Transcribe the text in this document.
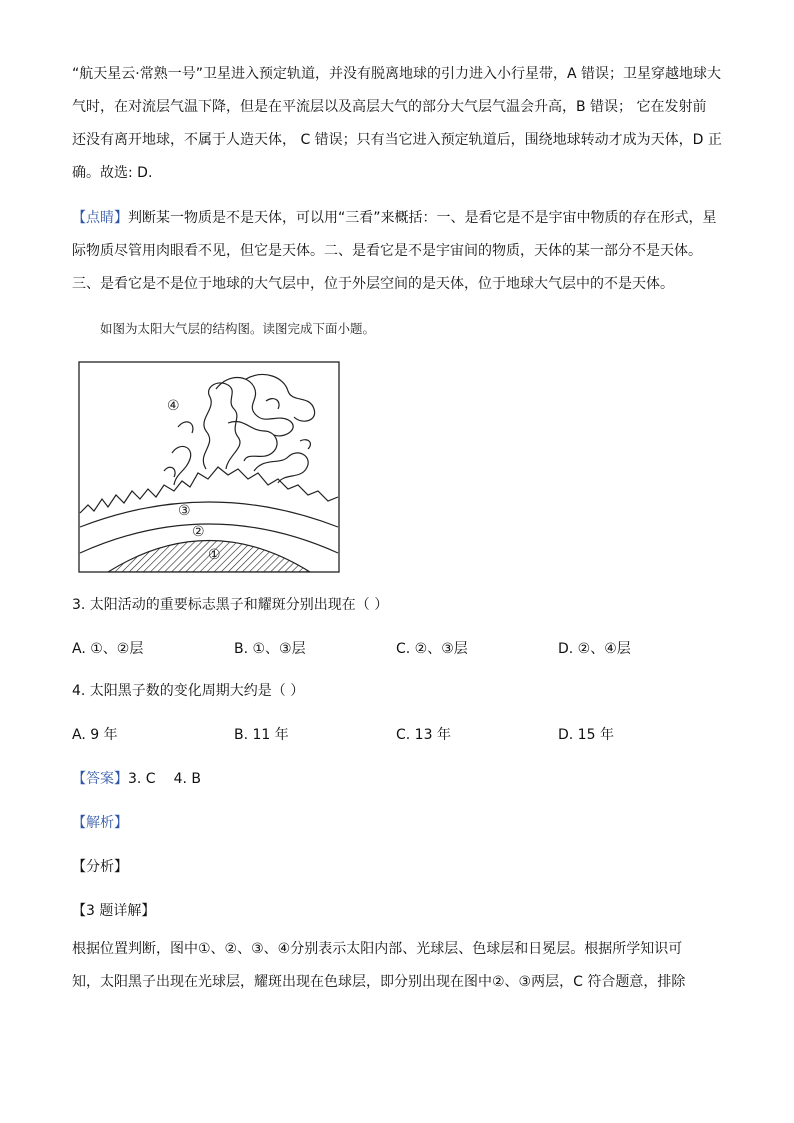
“航天星云·常熟一号”卫星进入预定轨道，并没有脱离地球的引力进入小行星带，A 错误；卫星穿越地球大

气时，在对流层气温下降，但是在平流层以及高层大气的部分大气层气温会升高，B 错误； 它在发射前

还没有离开地球，不属于人造天体， C 错误；只有当它进入预定轨道后，围绕地球转动才成为天体，D 正

确。故选: D.

【点睛】判断某一物质是不是天体，可以用“三看”来概括：一、是看它是不是宇宙中物质的存在形式，星

际物质尽管用肉眼看不见，但它是天体。二、是看它是不是宇宙间的物质，天体的某一部分不是天体。

三、是看它是不是位于地球的大气层中，位于外层空间的是天体，位于地球大气层中的不是天体。

如图为太阳大气层的结构图。读图完成下面小题。

④
③
②
①

3. 太阳活动的重要标志黑子和耀斑分别出现在（ ）

A. ①、②层	B. ①、③层	C. ②、③层	D. ②、④层

4. 太阳黑子数的变化周期大约是（ ）

A. 9 年	B. 11 年	C. 13 年	D. 15 年

【答案】3. C 4. B

【解析】

【分析】

【3 题详解】

根据位置判断，图中①、②、③、④分别表示太阳内部、光球层、色球层和日冕层。根据所学知识可

知，太阳黑子出现在光球层，耀斑出现在色球层，即分别出现在图中②、③两层，C 符合题意，排除
